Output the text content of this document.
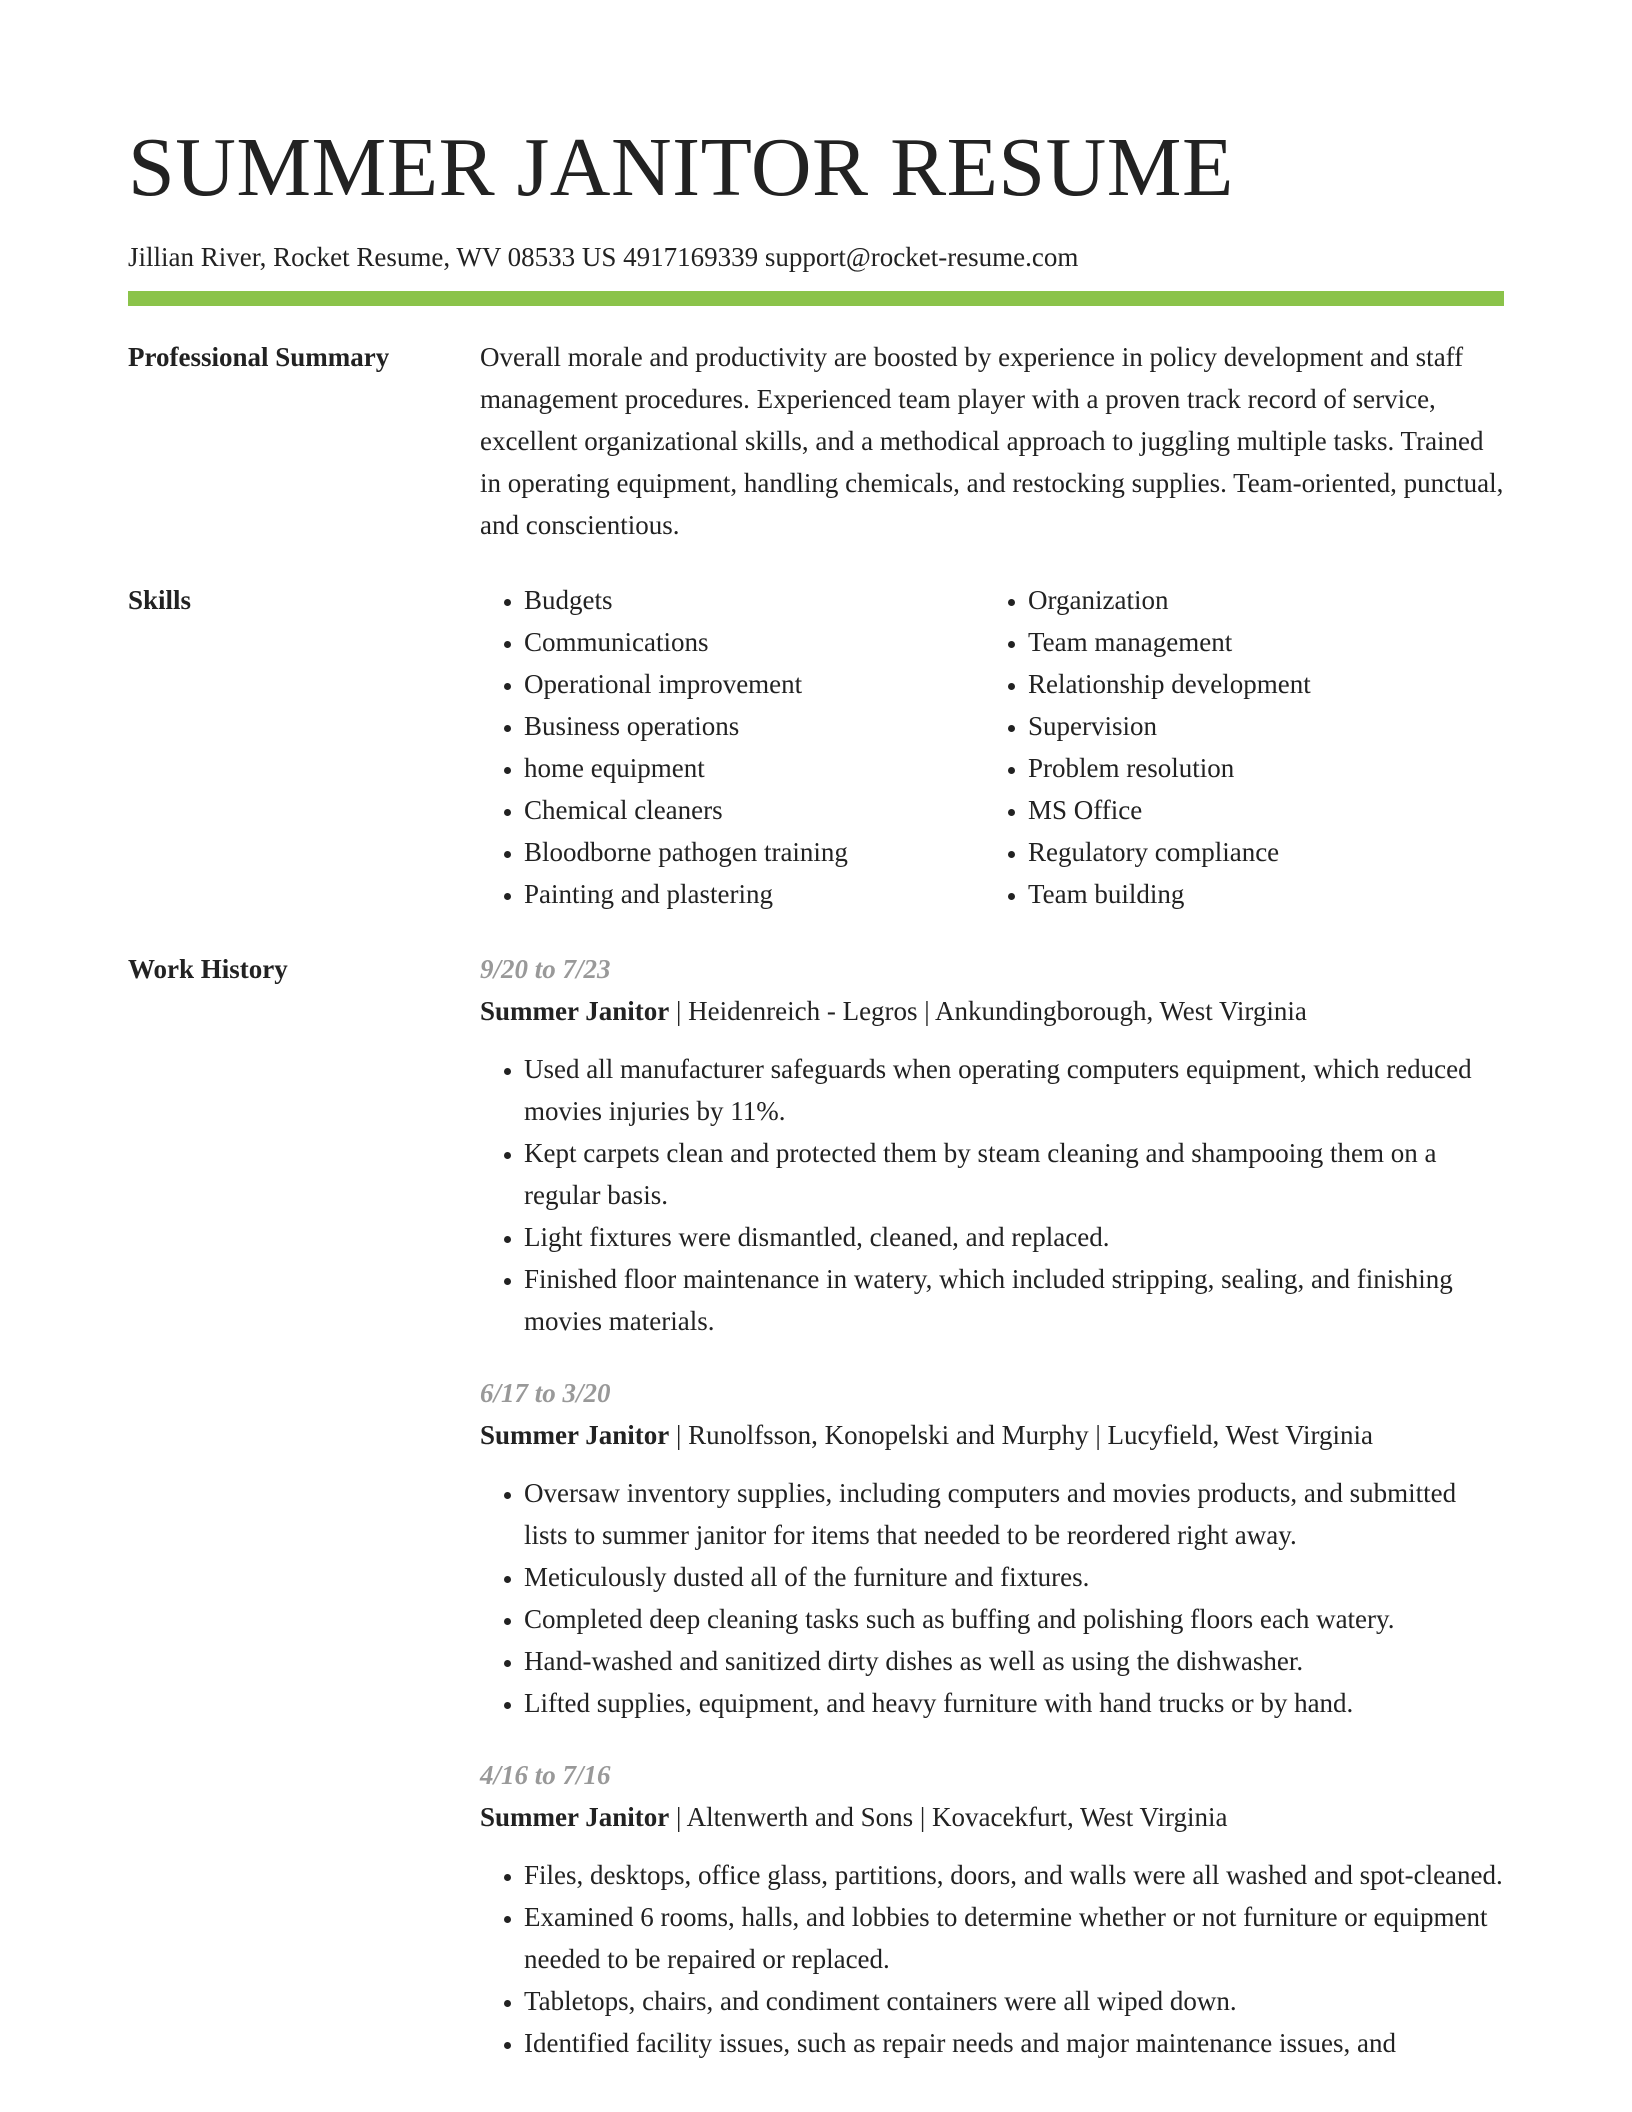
SUMMER JANITOR RESUME
Jillian River, Rocket Resume, WV 08533 US 4917169339 support@rocket-resume.com
Professional Summary	Overall morale and productivity are boosted by experience in policy development and staff management procedures. Experienced team player with a proven track record of service, excellent organizational skills, and a methodical approach to juggling multiple tasks. Trained in operating equipment, handling chemicals, and restocking supplies. Team-oriented, punctual, and conscientious.

Skills
•	Budgets
• Communications
• Operational improvement
• Business operations
• home equipment
• Chemical cleaners
• Bloodborne pathogen training
• Painting and plastering
• Organization
• Team management
• Relationship development
• Supervision
• Problem resolution
• MS Office
• Regulatory compliance
• Team building
Work History	9/20 to 7/23
Summer Janitor | Heidenreich - Legros | Ankundingborough, West Virginia
• Used all manufacturer safeguards when operating computers equipment, which reduced movies injuries by 11%.
• Kept carpets clean and protected them by steam cleaning and shampooing them on a regular basis.
• Light fixtures were dismantled, cleaned, and replaced.
• Finished floor maintenance in watery, which included stripping, sealing, and finishing movies materials.
6/17 to 3/20
Summer Janitor | Runolfsson, Konopelski and Murphy | Lucyfield, West Virginia
• Oversaw inventory supplies, including computers and movies products, and submitted lists to summer janitor for items that needed to be reordered right away.
• Meticulously dusted all of the furniture and fixtures.
• Completed deep cleaning tasks such as buffing and polishing floors each watery.
• Hand-washed and sanitized dirty dishes as well as using the dishwasher.
• Lifted supplies, equipment, and heavy furniture with hand trucks or by hand.
4/16 to 7/16
Summer Janitor | Altenwerth and Sons | Kovacekfurt, West Virginia
• Files, desktops, office glass, partitions, doors, and walls were all washed and spot-cleaned.
• Examined 6 rooms, halls, and lobbies to determine whether or not furniture or equipment needed to be repaired or replaced.
• Tabletops, chairs, and condiment containers were all wiped down.
• Identified facility issues, such as repair needs and major maintenance issues, and
